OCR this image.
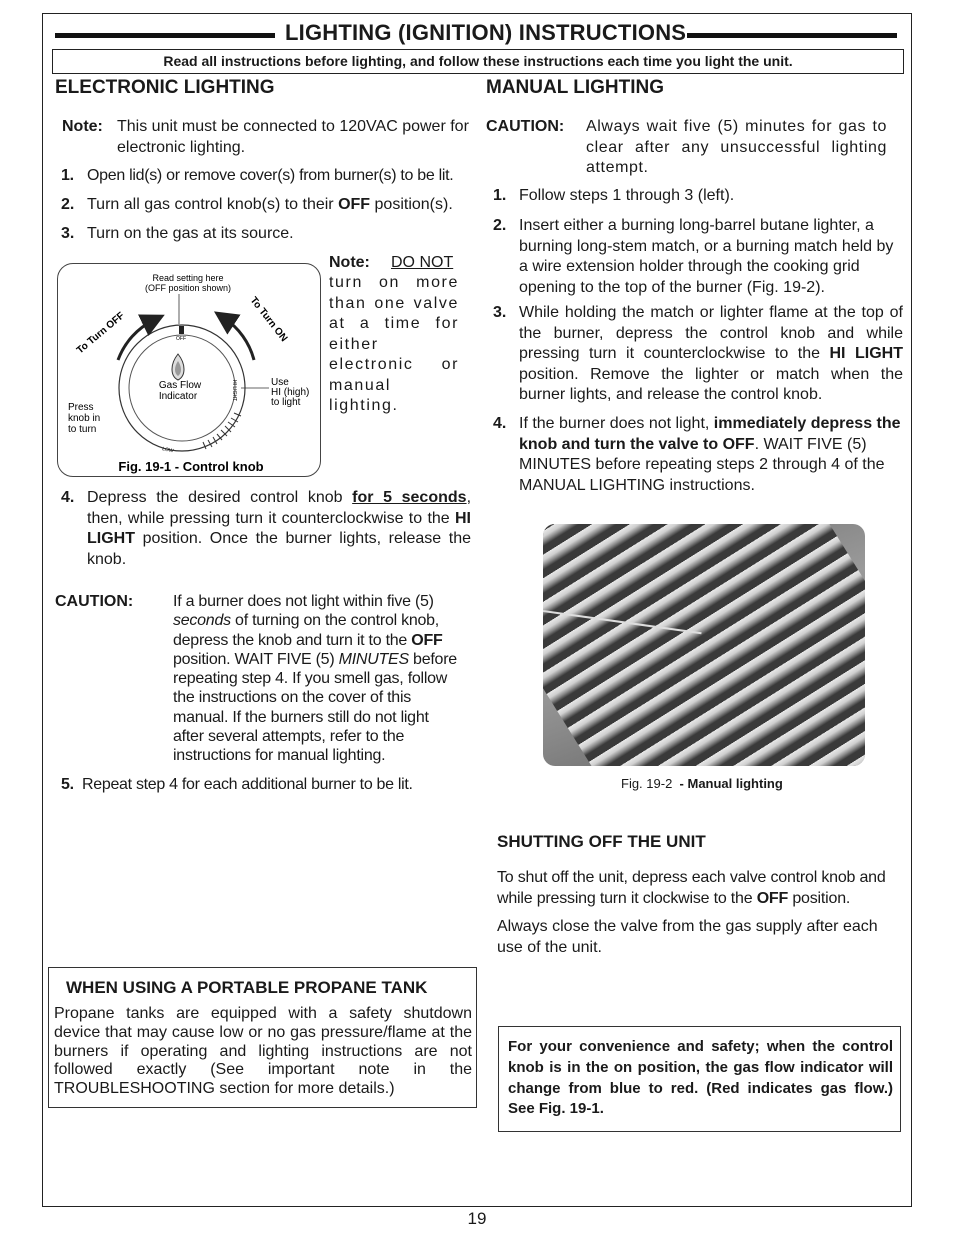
LIGHTING (IGNITION) INSTRUCTIONS
Read all instructions before lighting, and follow these instructions each time you light the unit.
ELECTRONIC LIGHTING
Note: This unit must be connected to 120VAC power for electronic lighting.
1. Open lid(s) or remove cover(s) from burner(s) to be lit.
2. Turn all gas control knob(s) to their OFF position(s).
3. Turn on the gas at its source.
Read setting here
(OFF position shown)
To Turn OFF	To Turn ON
OFF
HI LIGHT
LOW
Gas Flow
Indicator
Use
HI (high)
to light
Press
knob in
to turn
Fig. 19-1 - Control knob
Note: DO NOT
turn on more than one valve at a time for either electronic or manual lighting.
4. Depress the desired control knob for 5 seconds, then, while pressing turn it counterclockwise to the HI LIGHT position. Once the burner lights, release the knob.
CAUTION: If a burner does not light within five (5) seconds of turning on the control knob, depress the knob and turn it to the OFF position. WAIT FIVE (5) MINUTES before repeating step 4. If you smell gas, follow the instructions on the cover of this manual. If the burners still do not light after several attempts, refer to the instructions for manual lighting.
5. Repeat step 4 for each additional burner to be lit.
MANUAL LIGHTING
CAUTION: Always wait five (5) minutes for gas to clear after any unsuccessful lighting attempt.
1. Follow steps 1 through 3 (left).
2. Insert either a burning long-barrel butane lighter, a burning long-stem match, or a burning match held by a wire extension holder through the cooking grid opening to the top of the burner (Fig. 19-2).
3. While holding the match or lighter flame at the top of the burner, depress the control knob and while pressing turn it counterclockwise to the HI LIGHT position. Remove the lighter or match when the burner lights, and release the control knob.
4. If the burner does not light, immediately depress the knob and turn the valve to OFF. WAIT FIVE (5) MINUTES before repeating steps 2 through 4 of the MANUAL LIGHTING instructions.
Fig. 19-2 - Manual lighting
SHUTTING OFF THE UNIT
To shut off the unit, depress each valve control knob and while pressing turn it clockwise to the OFF position.
Always close the valve from the gas supply after each use of the unit.
WHEN USING A PORTABLE PROPANE TANK
Propane tanks are equipped with a safety shutdown device that may cause low or no gas pressure/flame at the burners if operating and lighting instructions are not followed exactly (See important note in the TROUBLESHOOTING section for more details.)
For your convenience and safety; when the control knob is in the on position, the gas flow indicator will change from blue to red. (Red indicates gas flow.) See Fig. 19-1.
19
